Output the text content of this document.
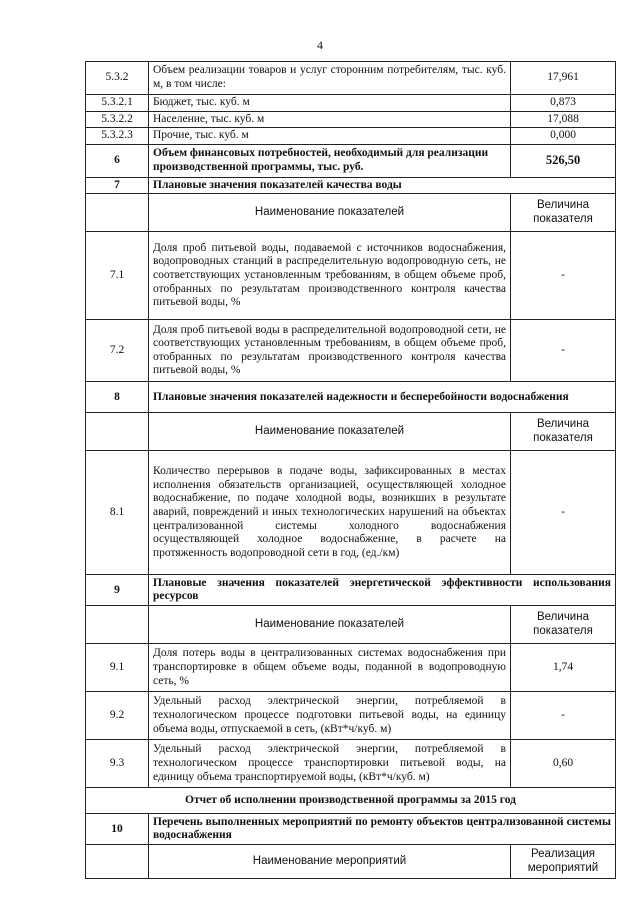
4
5.3.2	Объем реализации товаров и услуг сторонним потребителям, тыс. куб. м, в том числе:	17,961
5.3.2.1	Бюджет, тыс. куб. м	0,873
5.3.2.2	Население, тыс. куб. м	17,088
5.3.2.3	Прочие, тыс. куб. м	0,000
6	Объем финансовых потребностей, необходимый для реализации производственной программы, тыс. руб.	526,50
7	Плановые значения показателей качества воды	
	Наименование показателей	Величина показателя
7.1	Доля проб питьевой воды, подаваемой с источников водоснабжения, водопроводных станций в распределительную водопроводную сеть, не соответствующих установленным требованиям, в общем объеме проб, отобранных по результатам производственного контроля качества питьевой воды, %	-
7.2	Доля проб питьевой воды в распределительной водопроводной сети, не соответствующих установленным требованиям, в общем объеме проб, отобранных по результатам производственного контроля качества питьевой воды, %	-
8	Плановые значения показателей надежности и бесперебойности водоснабжения	
	Наименование показателей	Величина показателя
8.1	Количество перерывов в подаче воды, зафиксированных в местах исполнения обязательств организацией, осуществляющей холодное водоснабжение, по подаче холодной воды, возникших в результате аварий, повреждений и иных технологических нарушений на объектах централизованной системы холодного водоснабжения осуществляющей холодное водоснабжение, в расчете на протяженность водопроводной сети в год, (ед./км)	-
9	Плановые значения показателей энергетической эффективности использования ресурсов	
	Наименование показателей	Величина показателя
9.1	Доля потерь воды в централизованных системах водоснабжения при транспортировке в общем объеме воды, поданной в водопроводную сеть, %	1,74
9.2	Удельный расход электрической энергии, потребляемой в технологическом процессе подготовки питьевой воды, на единицу объема воды, отпускаемой в сеть, (кВт*ч/куб. м)	-
9.3	Удельный расход электрической энергии, потребляемой в технологическом процессе транспортировки питьевой воды, на единицу объема транспортируемой воды, (кВт*ч/куб. м)	0,60
Отчет об исполнении производственной программы за 2015 год		
10	Перечень выполненных мероприятий по ремонту объектов централизованной системы водоснабжения	
	Наименование мероприятий	Реализация мероприятий
